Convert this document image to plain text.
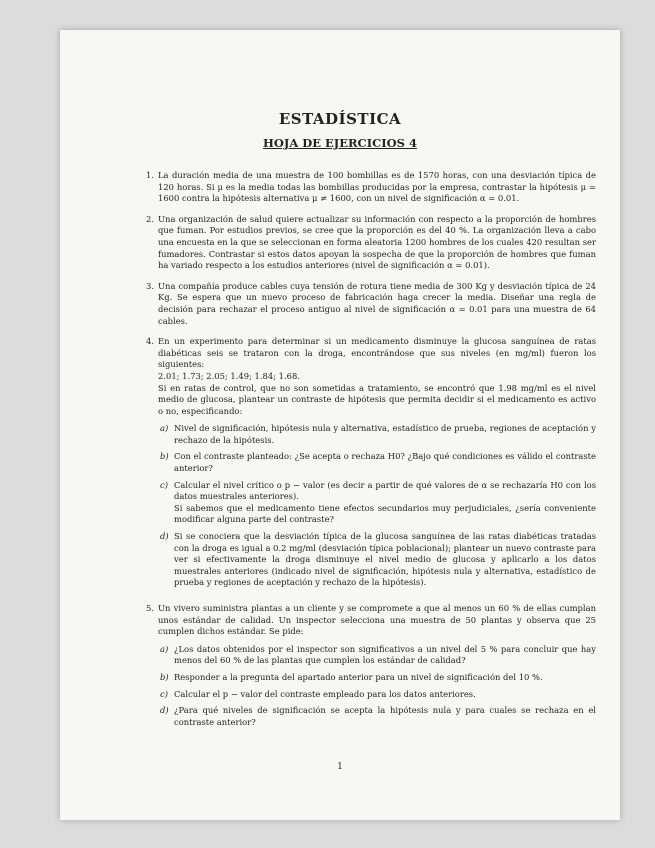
ESTADÍSTICA
HOJA DE EJERCICIOS 4
1. La duración media de una muestra de 100 bombillas es de 1570 horas, con una desviación típica de 120 horas. Si μ es la media todas las bombillas producidas por la empresa, contrastar la hipótesis μ = 1600 contra la hipótesis alternativa μ ≠ 1600, con un nivel de significación α = 0.01.

2. Una organización de salud quiere actualizar su información con respecto a la proporción de hombres que fuman. Por estudios previos, se cree que la proporción es del 40 %. La organización lleva a cabo una encuesta en la que se seleccionan en forma aleatoria 1200 hombres de los cuales 420 resultan ser fumadores. Contrastar si estos datos apoyan la sospecha de que la proporción de hombres que fuman ha variado respecto a los estudios anteriores (nivel de significación α = 0.01).

3. Una compañía produce cables cuya tensión de rotura tiene media de 300 Kg y desviación típica de 24 Kg. Se espera que un nuevo proceso de fabricación haga crecer la media. Diseñar una regla de decisión para rechazar el proceso antiguo al nivel de significación α = 0.01 para una muestra de 64 cables.

4. En un experimento para determinar si un medicamento disminuye la glucosa sanguínea de ratas diabéticas seis se trataron con la droga, encontrándose que sus niveles (en mg/ml) fueron los siguientes:

2.01; 1.73; 2.05; 1.49; 1.84; 1.68.

Si en ratas de control, que no son sometidas a tratamiento, se encontró que 1.98 mg/ml es el nivel medio de glucosa, plantear un contraste de hipótesis que permita decidir si el medicamento es activo o no, especificando:

a) Nivel de significación, hipótesis nula y alternativa, estadístico de prueba, regiones de aceptación y rechazo de la hipótesis.
b) Con el contraste planteado: ¿Se acepta o rechaza H0? ¿Bajo qué condiciones es válido el contraste anterior?
c) Calcular el nivel crítico o p − valor (es decir a partir de qué valores de α se rechazaría H0 con los datos muestrales anteriores).

Si sabemos que el medicamento tiene efectos secundarios muy perjudiciales, ¿sería conveniente modificar alguna parte del contraste?

d) Si se conociera que la desviación típica de la glucosa sanguínea de las ratas diabéticas tratadas con la droga es igual a 0.2 mg/ml (desviación típica poblacional); plantear un nuevo contraste para ver si efectivamente la droga disminuye el nivel medio de glucosa y aplicarlo a los datos muestrales anteriores (indicado nivel de significación, hipótesis nula y alternativa, estadístico de prueba y regiones de aceptación y rechazo de la hipótesis).
5. Un vivero suministra plantas a un cliente y se compromete a que al menos un 60 % de ellas cumplan unos estándar de calidad. Un inspector selecciona una muestra de 50 plantas y observa que 25 cumplen dichos estándar. Se pide:

a) ¿Los datos obtenidos por el inspector son significativos a un nivel del 5 % para concluir que hay menos del 60 % de las plantas que cumplen los estándar de calidad?
b) Responder a la pregunta del apartado anterior para un nivel de significación del 10 %.
c) Calcular el p − valor del contraste empleado para los datos anteriores.
d) ¿Para qué niveles de significación se acepta la hipótesis nula y para cuales se rechaza en el contraste anterior?
1
